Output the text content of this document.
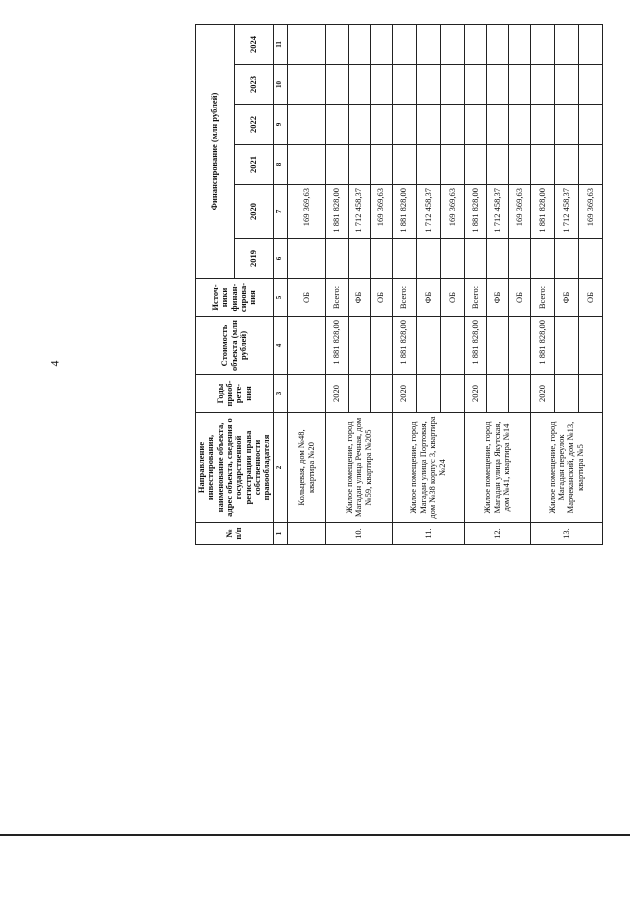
4
№ п/п	Направление инвестирования, наименование объекта, адрес объекта, сведения о государственной регистрации права собственности правообладателя	Годы приоб- рете- ния	Стоимость объекта (млн рублей)	Источ- ники финан- сирова- ния	Финансирование (млн рублей)					
					2019	2020	2021	2022	2023	2024
1	2	3	4	5	6	7	8	9	10	11
	Кольцевая, дом №48, квартира №20			ОБ		169 369,63				
10.	Жилое помещение, город Магадан улица Речная, дом №59, квартира №205	2020	1 881 828,00	Всего:		1 881 828,00				
				ФБ		1 712 458,37				
				ОБ		169 369,63				
11.	Жилое помещение, город Магадан улица Портовая, дом №38 корпус 3, квартира №24	2020	1 881 828,00	Всего:		1 881 828,00				
				ФБ		1 712 458,37				
				ОБ		169 369,63				
12.	Жилое помещение, город Магадан улица Якутская, дом №41, квартира №14	2020	1 881 828,00	Всего:		1 881 828,00				
				ФБ		1 712 458,37				
				ОБ		169 369,63				
13.	Жилое помещение, город Магадан переулок Марчеканский, дом №13, квартира №5	2020	1 881 828,00	Всего:		1 881 828,00				
				ФБ		1 712 458,37				
				ОБ		169 369,63				
